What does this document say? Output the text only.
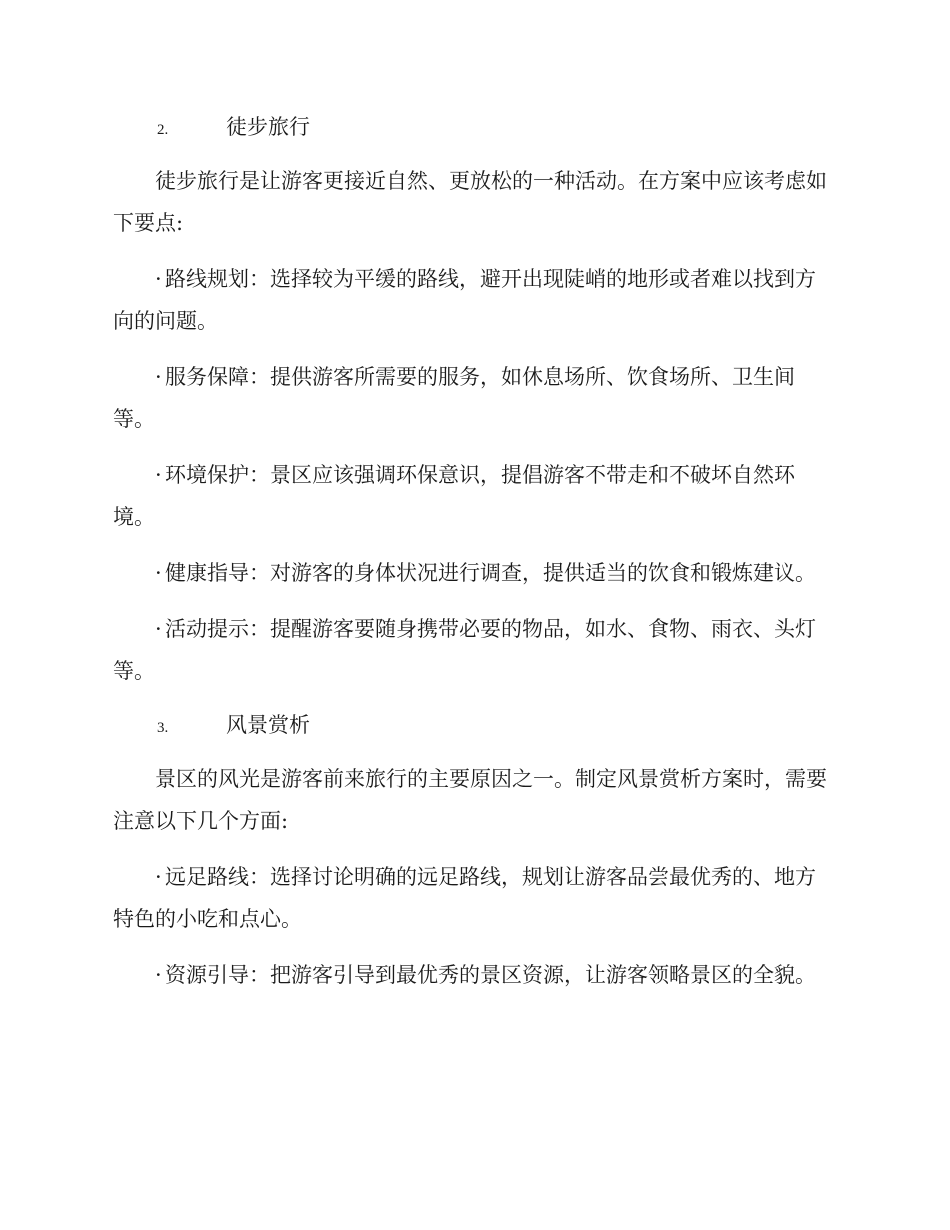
2.	徒步旅行

徒步旅行是让游客更接近自然、更放松的一种活动。在方案中应该考虑如下要点:

· 路线规划：选择较为平缓的路线，避开出现陡峭的地形或者难以找到方向的问题。

· 服务保障：提供游客所需要的服务，如休息场所、饮食场所、卫生间等。

· 环境保护：景区应该强调环保意识，提倡游客不带走和不破坏自然环境。

· 健康指导：对游客的身体状况进行调查，提供适当的饮食和锻炼建议。

· 活动提示：提醒游客要随身携带必要的物品，如水、食物、雨衣、头灯等。

3.	风景赏析

景区的风光是游客前来旅行的主要原因之一。制定风景赏析方案时，需要注意以下几个方面:

· 远足路线：选择讨论明确的远足路线，规划让游客品尝最优秀的、地方特色的小吃和点心。

· 资源引导：把游客引导到最优秀的景区资源，让游客领略景区的全貌。
